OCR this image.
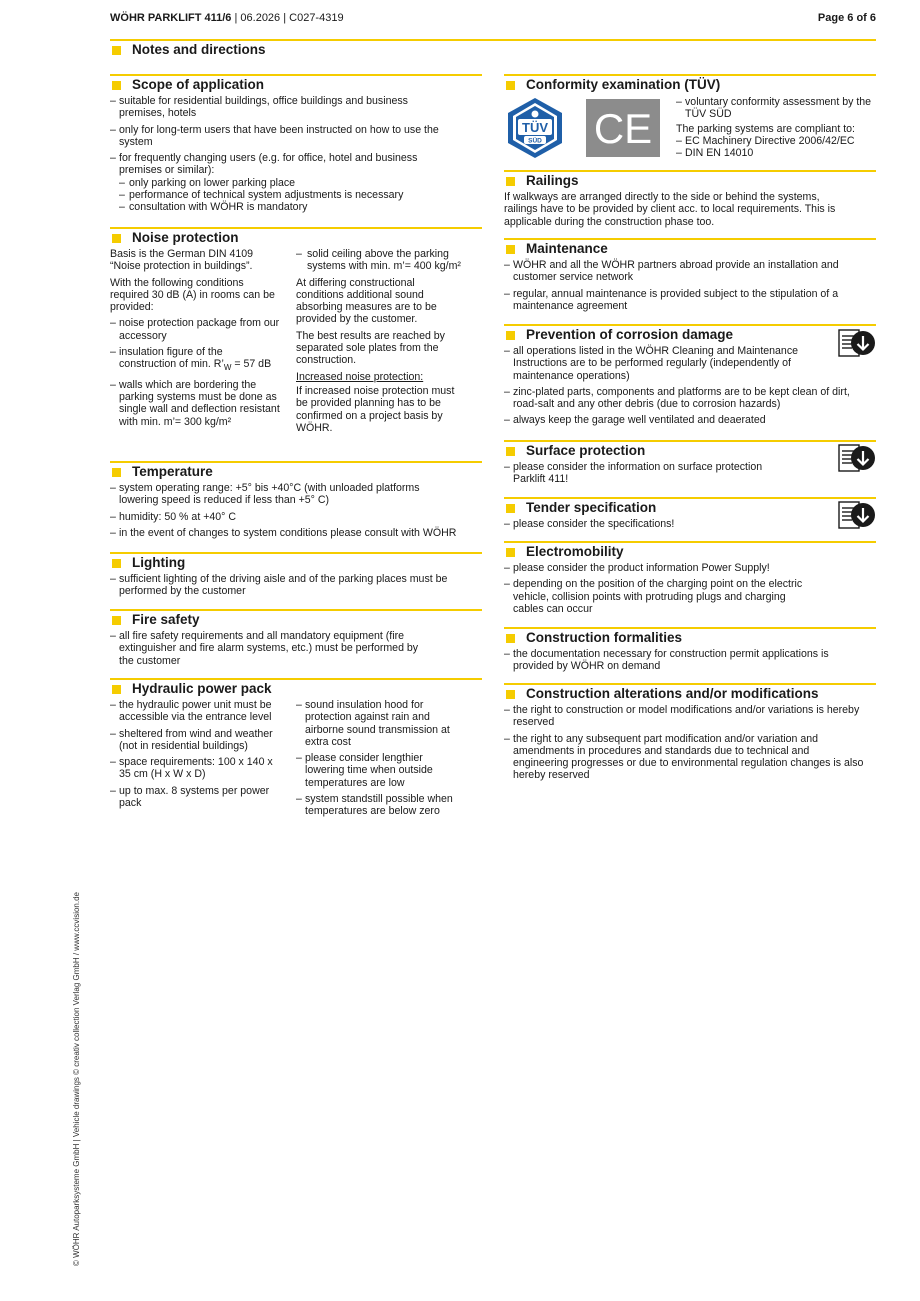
WÖHR PARKLIFT 411/6 | 06.2026 | C027-4319	Page 6 of 6
Notes and directions
Scope of application
– suitable for residential buildings, office buildings and business premises, hotels
– only for long-term users that have been instructed on how to use the system
– for frequently changing users (e.g. for office, hotel and business premises or similar):
– only parking on lower parking place
– performance of technical system adjustments is necessary
– consultation with WÖHR is mandatory
Noise protection
Basis is the German DIN 4109 “Noise protection in buildings”.
With the following conditions required 30 dB (A) in rooms can be provided:
– noise protection package from our accessory
– insulation figure of the construction of min. $R’_W = 57$ dB
– walls which are bordering the parking systems must be done as single wall and deflection resistant with min. m’= 300 kg/m²
– solid ceiling above the parking systems with min. m’= 400 kg/m²
At differing constructional conditions additional sound absorbing measures are to be provided by the customer.
The best results are reached by separated sole plates from the construction.
Increased noise protection:
If increased noise protection must be provided planning has to be confirmed on a project basis by WÖHR.
Temperature
– system operating range: +5° bis +40°C (with unloaded platforms lowering speed is reduced if less than +5° C)
– humidity: 50 % at +40° C
– in the event of changes to system conditions please consult with WÖHR
Lighting
– sufficient lighting of the driving aisle and of the parking places must be performed by the customer
Fire safety
– all fire safety requirements and all mandatory equipment (fire extinguisher and fire alarm systems, etc.) must be performed by the customer
Hydraulic power pack
– the hydraulic power unit must be accessible via the entrance level
– sheltered from wind and weather (not in residential buildings)
– space requirements: 100 x 140 x 35 cm (H x W x D)
– up to max. 8 systems per power pack
– sound insulation hood for protection against rain and airborne sound transmission at extra cost
– please consider lengthier lowering time when outside temperatures are low
– system standstill possible when temperatures are below zero
Conformity examination (TÜV)
TÜV
SÜD CE
– voluntary conformity assessment by the TÜV SÜD
The parking systems are compliant to:
– EC Machinery Directive 2006/42/EC
– DIN EN 14010
Railings
If walkways are arranged directly to the side or behind the systems, railings have to be provided by client acc. to local requirements. This is applicable during the construction phase too.
Maintenance
– WÖHR and all the WÖHR partners abroad provide an installation and customer service network
– regular, annual maintenance is provided subject to the stipulation of a maintenance agreement
Prevention of corrosion damage
– all operations listed in the WÖHR Cleaning and Maintenance Instructions are to be performed regularly (independently of maintenance operations)
– zinc-plated parts, components and platforms are to be kept clean of dirt, road-salt and any other debris (due to corrosion hazards)
– always keep the garage well ventilated and deaerated
Surface protection
– please consider the information on surface protection Parklift 411!
Tender specification
– please consider the specifications!
Electromobility
– please consider the product information Power Supply!
– depending on the position of the charging point on the electric vehicle, collision points with protruding plugs and charging cables can occur
Construction formalities
– the documentation necessary for construction permit applications is provided by WÖHR on demand
Construction alterations and/or modifications
– the right to construction or model modifications and/or variations is hereby reserved
– the right to any subsequent part modification and/or variation and amendments in procedures and standards due to technical and engineering progresses or due to environmental regulation changes is also hereby reserved
© WÖHR Autoparksysteme GmbH | Vehicle drawings © creativ collection Verlag GmbH / www.ccvision.de
